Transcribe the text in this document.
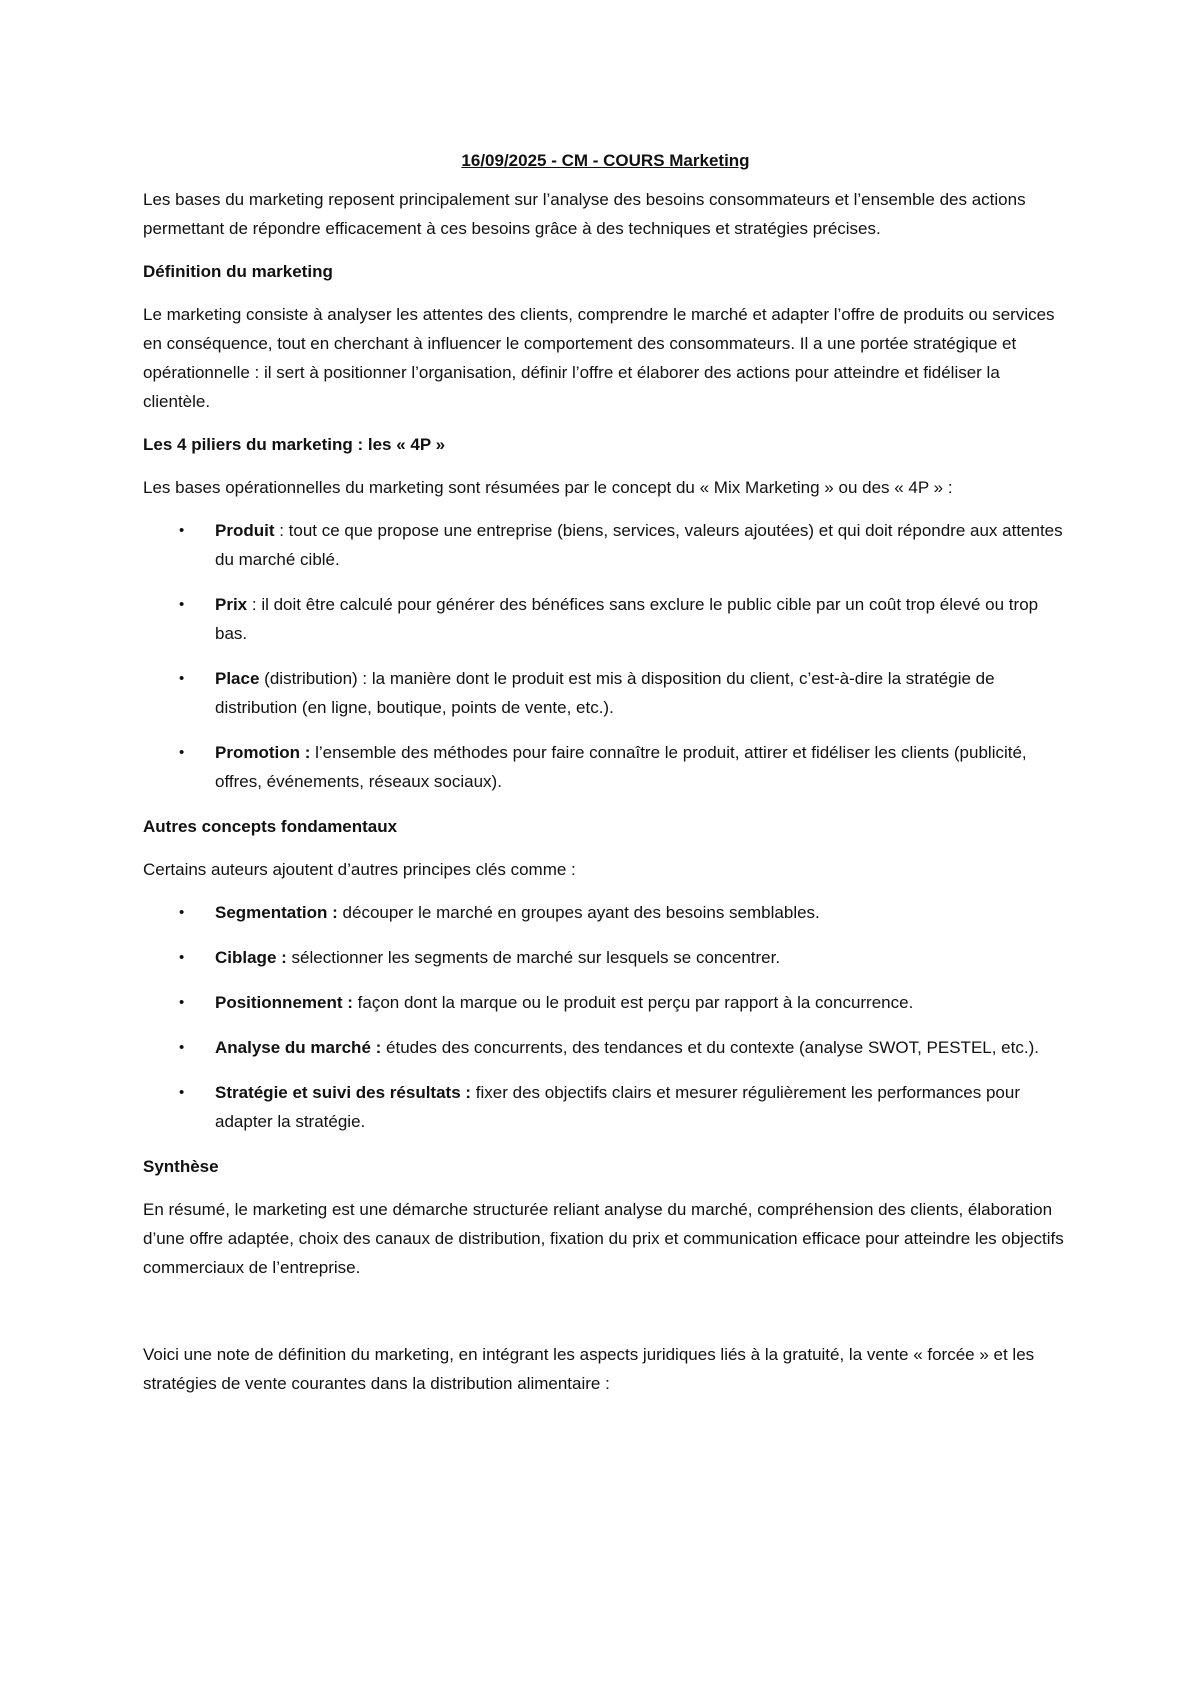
16/09/2025 - CM - COURS Marketing

Les bases du marketing reposent principalement sur l’analyse des besoins consommateurs et l’ensemble des actions permettant de répondre efficacement à ces besoins grâce à des techniques et stratégies précises.

Définition du marketing

Le marketing consiste à analyser les attentes des clients, comprendre le marché et adapter l’offre de produits ou services en conséquence, tout en cherchant à influencer le comportement des consommateurs. Il a une portée stratégique et opérationnelle : il sert à positionner l’organisation, définir l’offre et élaborer des actions pour atteindre et fidéliser la clientèle.

Les 4 piliers du marketing : les « 4P »

Les bases opérationnelles du marketing sont résumées par le concept du « Mix Marketing » ou des « 4P » :

• Produit : tout ce que propose une entreprise (biens, services, valeurs ajoutées) et qui doit répondre aux attentes du marché ciblé.
• Prix : il doit être calculé pour générer des bénéfices sans exclure le public cible par un coût trop élevé ou trop bas.
• Place (distribution) : la manière dont le produit est mis à disposition du client, c’est-à-dire la stratégie de distribution (en ligne, boutique, points de vente, etc.).
• Promotion : l’ensemble des méthodes pour faire connaître le produit, attirer et fidéliser les clients (publicité, offres, événements, réseaux sociaux).
Autres concepts fondamentaux

Certains auteurs ajoutent d’autres principes clés comme :

• Segmentation : découper le marché en groupes ayant des besoins semblables.
• Ciblage : sélectionner les segments de marché sur lesquels se concentrer.
• Positionnement : façon dont la marque ou le produit est perçu par rapport à la concurrence.
• Analyse du marché : études des concurrents, des tendances et du contexte (analyse SWOT, PESTEL, etc.).
• Stratégie et suivi des résultats : fixer des objectifs clairs et mesurer régulièrement les performances pour adapter la stratégie.
Synthèse

En résumé, le marketing est une démarche structurée reliant analyse du marché, compréhension des clients, élaboration d’une offre adaptée, choix des canaux de distribution, fixation du prix et communication efficace pour atteindre les objectifs commerciaux de l’entreprise.

Voici une note de définition du marketing, en intégrant les aspects juridiques liés à la gratuité, la vente « forcée » et les stratégies de vente courantes dans la distribution alimentaire :
